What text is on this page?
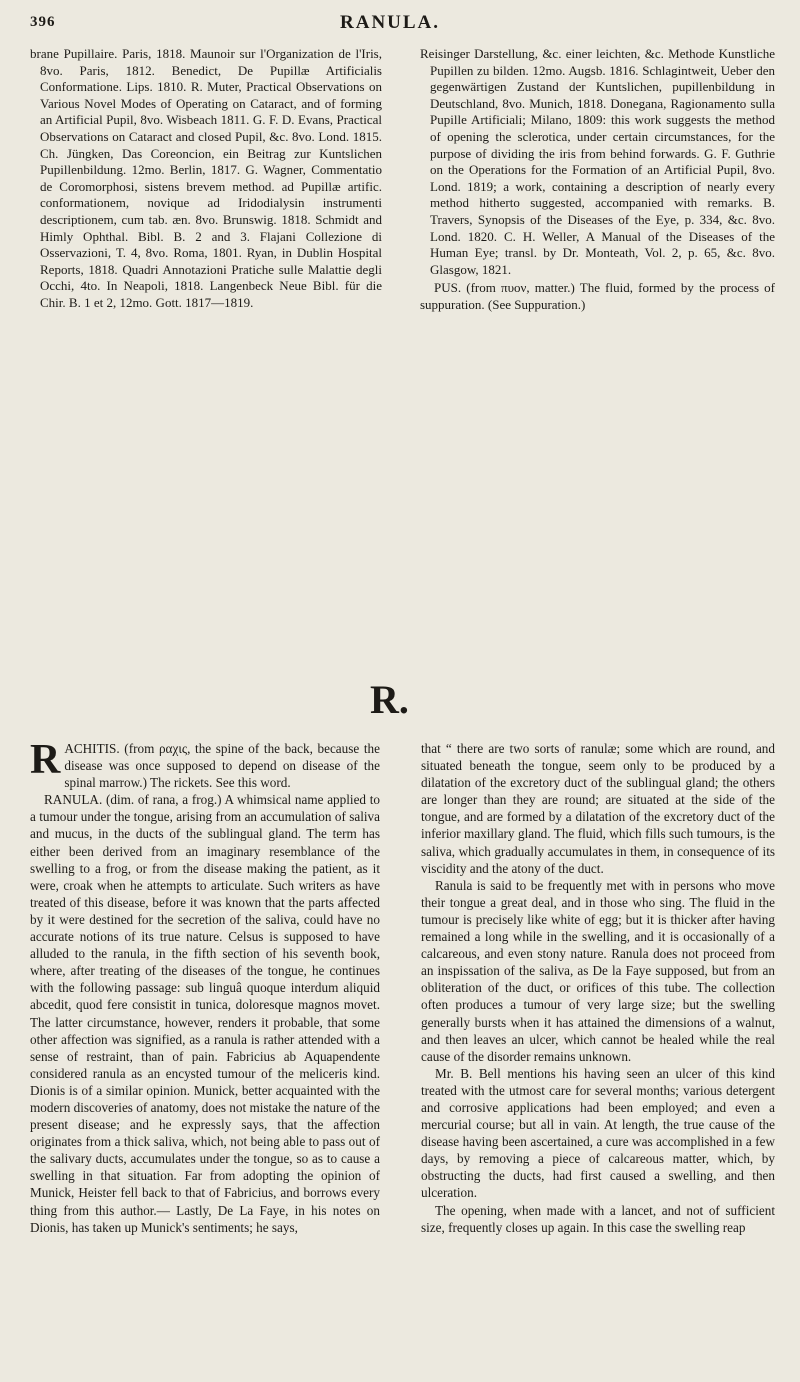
396	RANULA.

brane Pupillaire. Paris, 1818. Maunoir sur l'Organization de l'Iris, 8vo. Paris, 1812. Benedict, De Pupillæ Artificialis Conformatione. Lips. 1810. R. Muter, Practical Observations on Various Novel Modes of Operating on Cataract, and of forming an Artificial Pupil, 8vo. Wisbeach 1811. G. F. D. Evans, Practical Observations on Cataract and closed Pupil, &c. 8vo. Lond. 1815. Ch. Jüngken, Das Coreoncion, ein Beitrag zur Kuntslichen Pupillenbildung. 12mo. Berlin, 1817. G. Wagner, Commentatio de Coromorphosi, sistens brevem method. ad Pupillæ artific. conformationem, novique ad Iridodialysin instrumenti descriptionem, cum tab. æn. 8vo. Brunswig. 1818. Schmidt and Himly Ophthal. Bibl. B. 2 and 3. Flajani Collezione di Osservazioni, T. 4, 8vo. Roma, 1801. Ryan, in Dublin Hospital Reports, 1818. Quadri Annotazioni Pratiche sulle Malattie degli Occhi, 4to. In Neapoli, 1818. Langenbeck Neue Bibl. für die Chir. B. 1 et 2, 12mo. Gott. 1817—1819.

Reisinger Darstellung, &c. einer leichten, &c. Methode Kunstliche Pupillen zu bilden. 12mo. Augsb. 1816. Schlagintweit, Ueber den gegenwärtigen Zustand der Kuntslichen, pupillenbildung in Deutschland, 8vo. Munich, 1818. Donegana, Ragionamento sulla Pupille Artificiali; Milano, 1809: this work suggests the method of opening the sclerotica, under certain circumstances, for the purpose of dividing the iris from behind forwards. G. F. Guthrie on the Operations for the Formation of an Artificial Pupil, 8vo. Lond. 1819; a work, containing a description of nearly every method hitherto suggested, accompanied with remarks. B. Travers, Synopsis of the Diseases of the Eye, p. 334, &c. 8vo. Lond. 1820. C. H. Weller, A Manual of the Diseases of the Human Eye; transl. by Dr. Monteath, Vol. 2, p. 65, &c. 8vo. Glasgow, 1821.

PUS. (from πυον, matter.) The fluid, formed by the process of suppuration. (See Suppuration.)

R.

RACHITIS. (from ραχις, the spine of the back, because the disease was once supposed to depend on disease of the spinal marrow.) The rickets. See this word.

RANULA. (dim. of rana, a frog.) A whimsical name applied to a tumour under the tongue, arising from an accumulation of saliva and mucus, in the ducts of the sublingual gland. The term has either been derived from an imaginary resemblance of the swelling to a frog, or from the disease making the patient, as it were, croak when he attempts to articulate. Such writers as have treated of this disease, before it was known that the parts affected by it were destined for the secretion of the saliva, could have no accurate notions of its true nature. Celsus is supposed to have alluded to the ranula, in the fifth section of his seventh book, where, after treating of the diseases of the tongue, he continues with the following passage: sub linguâ quoque interdum aliquid abcedit, quod fere consistit in tunica, doloresque magnos movet. The latter circumstance, however, renders it probable, that some other affection was signified, as a ranula is rather attended with a sense of restraint, than of pain. Fabricius ab Aquapendente considered ranula as an encysted tumour of the meliceris kind. Dionis is of a similar opinion. Munick, better acquainted with the modern discoveries of anatomy, does not mistake the nature of the present disease; and he expressly says, that the affection originates from a thick saliva, which, not being able to pass out of the salivary ducts, accumulates under the tongue, so as to cause a swelling in that situation. Far from adopting the opinion of Munick, Heister fell back to that of Fabricius, and borrows every thing from this author.— Lastly, De La Faye, in his notes on Dionis, has taken up Munick's sentiments; he says,

that “ there are two sorts of ranulæ; some which are round, and situated beneath the tongue, seem only to be produced by a dilatation of the excretory duct of the sublingual gland; the others are longer than they are round; are situated at the side of the tongue, and are formed by a dilatation of the excretory duct of the inferior maxillary gland. The fluid, which fills such tumours, is the saliva, which gradually accumulates in them, in consequence of its viscidity and the atony of the duct.

Ranula is said to be frequently met with in persons who move their tongue a great deal, and in those who sing. The fluid in the tumour is precisely like white of egg; but it is thicker after having remained a long while in the swelling, and it is occasionally of a calcareous, and even stony nature. Ranula does not proceed from an inspissation of the saliva, as De la Faye supposed, but from an obliteration of the duct, or orifices of this tube. The collection often produces a tumour of very large size; but the swelling generally bursts when it has attained the dimensions of a walnut, and then leaves an ulcer, which cannot be healed while the real cause of the disorder remains unknown.

Mr. B. Bell mentions his having seen an ulcer of this kind treated with the utmost care for several months; various detergent and corrosive applications had been employed; and even a mercurial course; but all in vain. At length, the true cause of the disease having been ascertained, a cure was accomplished in a few days, by removing a piece of calcareous matter, which, by obstructing the ducts, had first caused a swelling, and then ulceration.

The opening, when made with a lancet, and not of sufficient size, frequently closes up again. In this case the swelling reap
